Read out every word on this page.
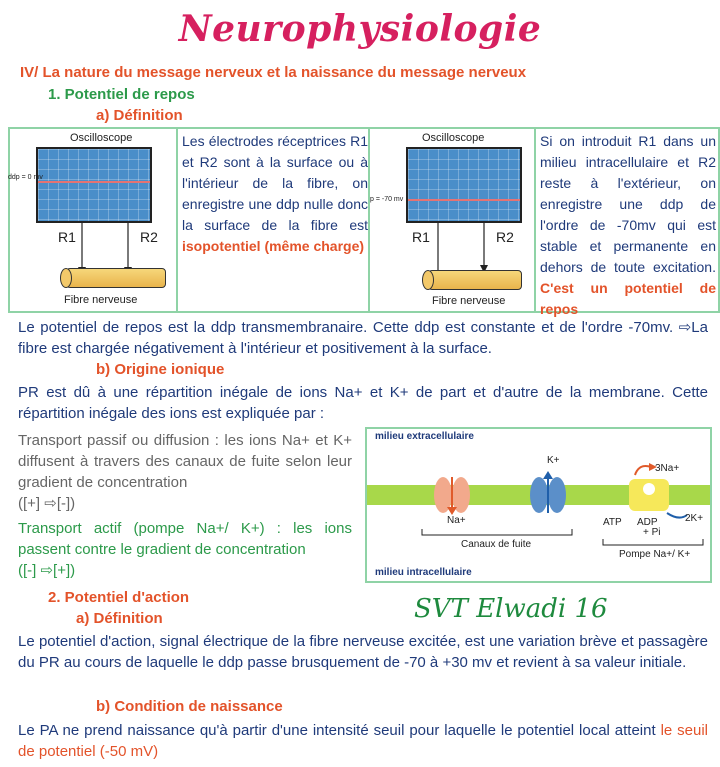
Neurophysiologie
IV/ La nature du message nerveux et la naissance du message nerveux
1. Potentiel de repos
a) Définition
Oscilloscope
ddp = 0 mv
R1	R2
Fibre nerveuse
Les électrodes réceptrices R1 et R2 sont à la surface ou à l'intérieur de la fibre, on enregistre une ddp nulle donc la surface de la fibre est isopotentiel (même charge)
Oscilloscope
p = -70 mv
R1	R2
Fibre nerveuse
Si on introduit R1 dans un milieu intracellulaire et R2 reste à l'extérieur, on enregistre une ddp de l'ordre de -70mv qui est stable et permanente en dehors de toute excitation. C'est un potentiel de repos
Le potentiel de repos est la ddp transmembranaire. Cette ddp est constante et de l'ordre -70mv. ⇨La fibre est chargée négativement à l'intérieur et positivement à la surface.
b) Origine ionique
PR est dû à une répartition inégale de ions Na+ et K+ de part et d'autre de la membrane. Cette répartition inégale des ions est expliquée par :
Transport passif ou diffusion : les ions Na+ et K+ diffusent à travers des canaux de fuite selon leur gradient de concentration
([+] ⇨[-])
Transport actif (pompe Na+/ K+) : les ions passent contre le gradient de concentration
([-] ⇨[+])
milieu extracellulaire
K+
Na+
3Na+
ATP ADP
+ Pi
2K+
Canaux de fuite
Pompe Na+/ K+
milieu intracellulaire
2. Potentiel d'action
a) Définition	SVT Elwadi 16
Le potentiel d'action, signal électrique de la fibre nerveuse excitée, est une variation brève et passagère du PR au cours de laquelle le ddp passe brusquement de -70 à +30 mv et revient à sa valeur initiale.
b) Condition de naissance
Le PA ne prend naissance qu'à partir d'une intensité seuil pour laquelle le potentiel local atteint le seuil de potentiel (-50 mV)
